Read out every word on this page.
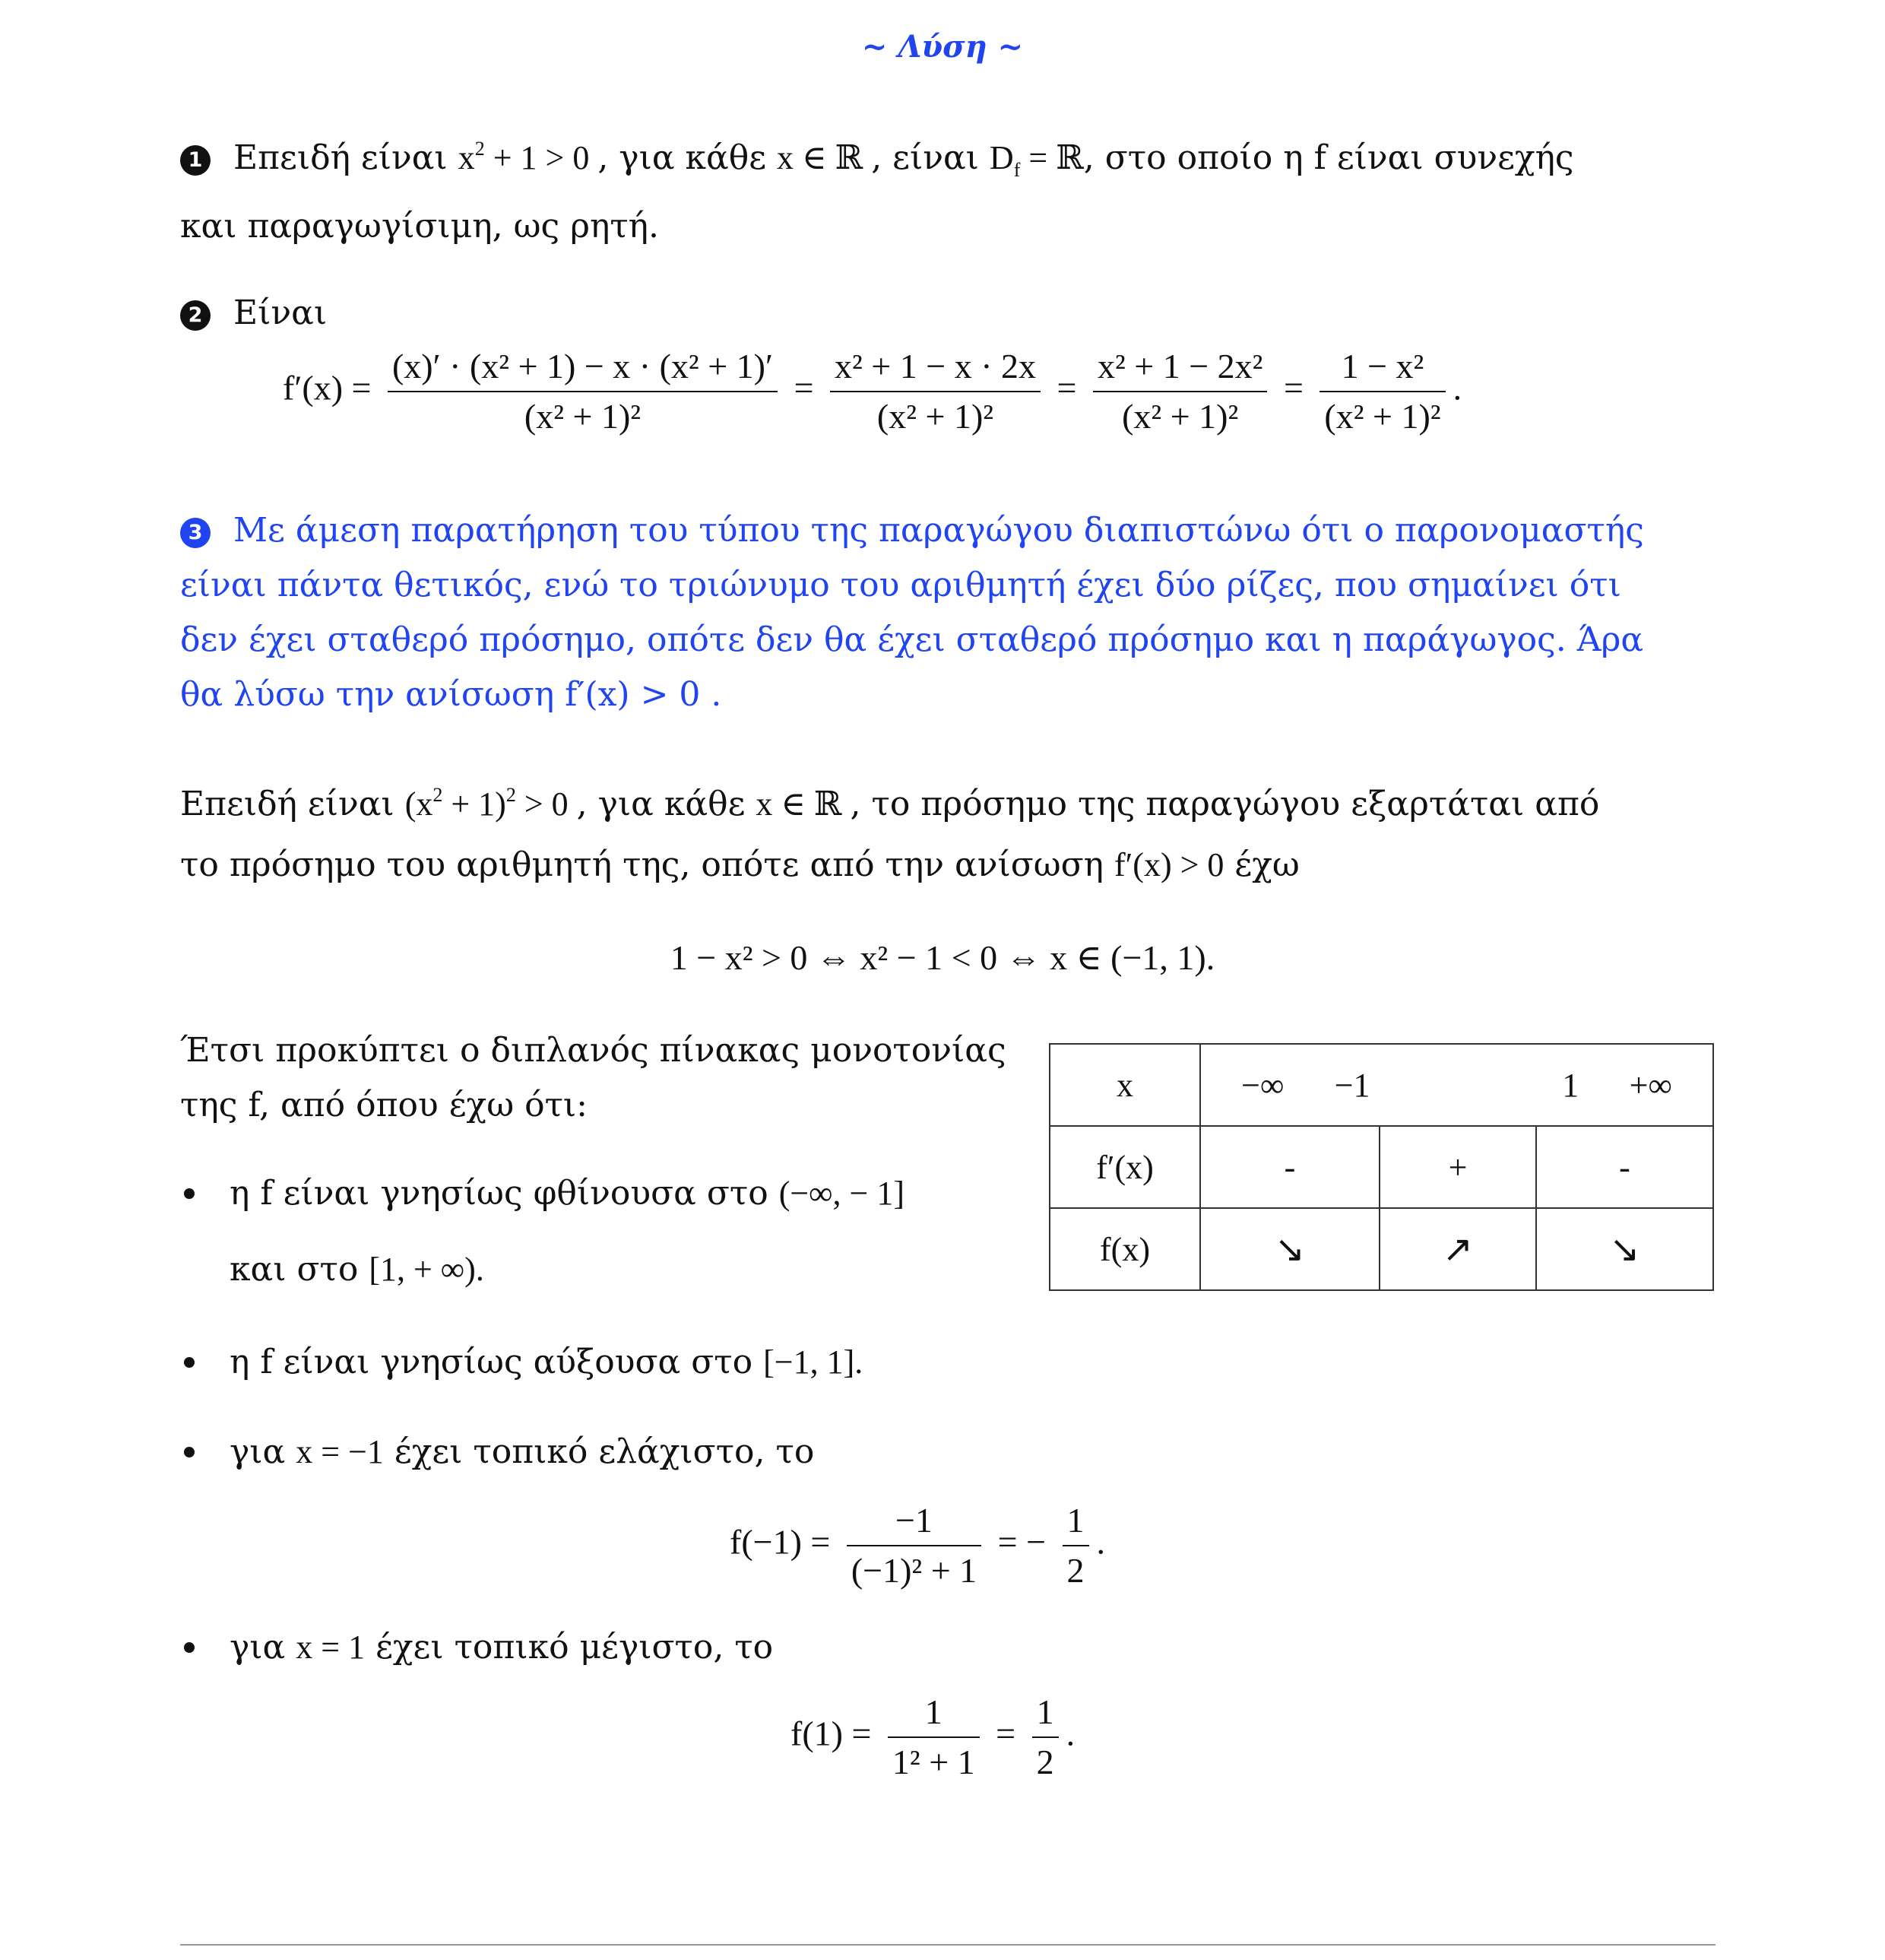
~ Λύση ~
1 Επειδή είναι $x^2 + 1 > 0$ , για κάθε x ∈ ℝ , είναι $D_f$ = ℝ, στο οποίο η f είναι συνεχής
και παραγωγίσιμη, ως ρητή.
2 Είναι
$f'(x) = \frac{\text{(x)′ · (x² + 1) − x · (x² + 1)′}}{\text{(x² + 1)²}} = \frac{\text{x² + 1 − x · 2x}}{\text{(x² + 1)²}} = \frac{\text{x² + 1 − 2x²}}{\text{(x² + 1)²}} = \frac{\text{1 − x²}}{\text{(x² + 1)²}}$ .
3 Με άμεση παρατήρηση του τύπου της παραγώγου διαπιστώνω ότι ο παρονομαστής
είναι πάντα θετικός, ενώ το τριώνυμο του αριθμητή έχει δύο ρίζες, που σημαίνει ότι
δεν έχει σταθερό πρόσημο, οπότε δεν θα έχει σταθερό πρόσημο και η παράγωγος. Άρα
θα λύσω την ανίσωση f′(x) > 0 .
Επειδή είναι $(x^2 + 1)^2 > 0$ , για κάθε x ∈ ℝ , το πρόσημο της παραγώγου εξαρτάται από
το πρόσημο του αριθμητή της, οπότε από την ανίσωση f′(x) > 0 έχω
1 − x² > 0 ⇔ x² − 1 < 0 ⇔ x ∈ (−1, 1).
Έτσι προκύπτει ο διπλανός πίνακας μονοτονίας
της f, από όπου έχω ότι:
η f είναι γνησίως φθίνουσα στο (−∞, − 1]
και στο [1, + ∞).
η f είναι γνησίως αύξουσα στο [−1, 1].
για x = −1 έχει τοπικό ελάχιστο, το
$f(-1) = \frac{-1}{\text{(−1)² + 1}}$ = − $\frac{1}{2}$ .
για x = 1 έχει τοπικό μέγιστο, το
$f(1) = \frac{1}{\text{1² + 1}} = \frac{1}{2}$ .
x	−∞ −1 1 +∞		

f′(x)	-	+	-
f(x)	↘	↗	↘
